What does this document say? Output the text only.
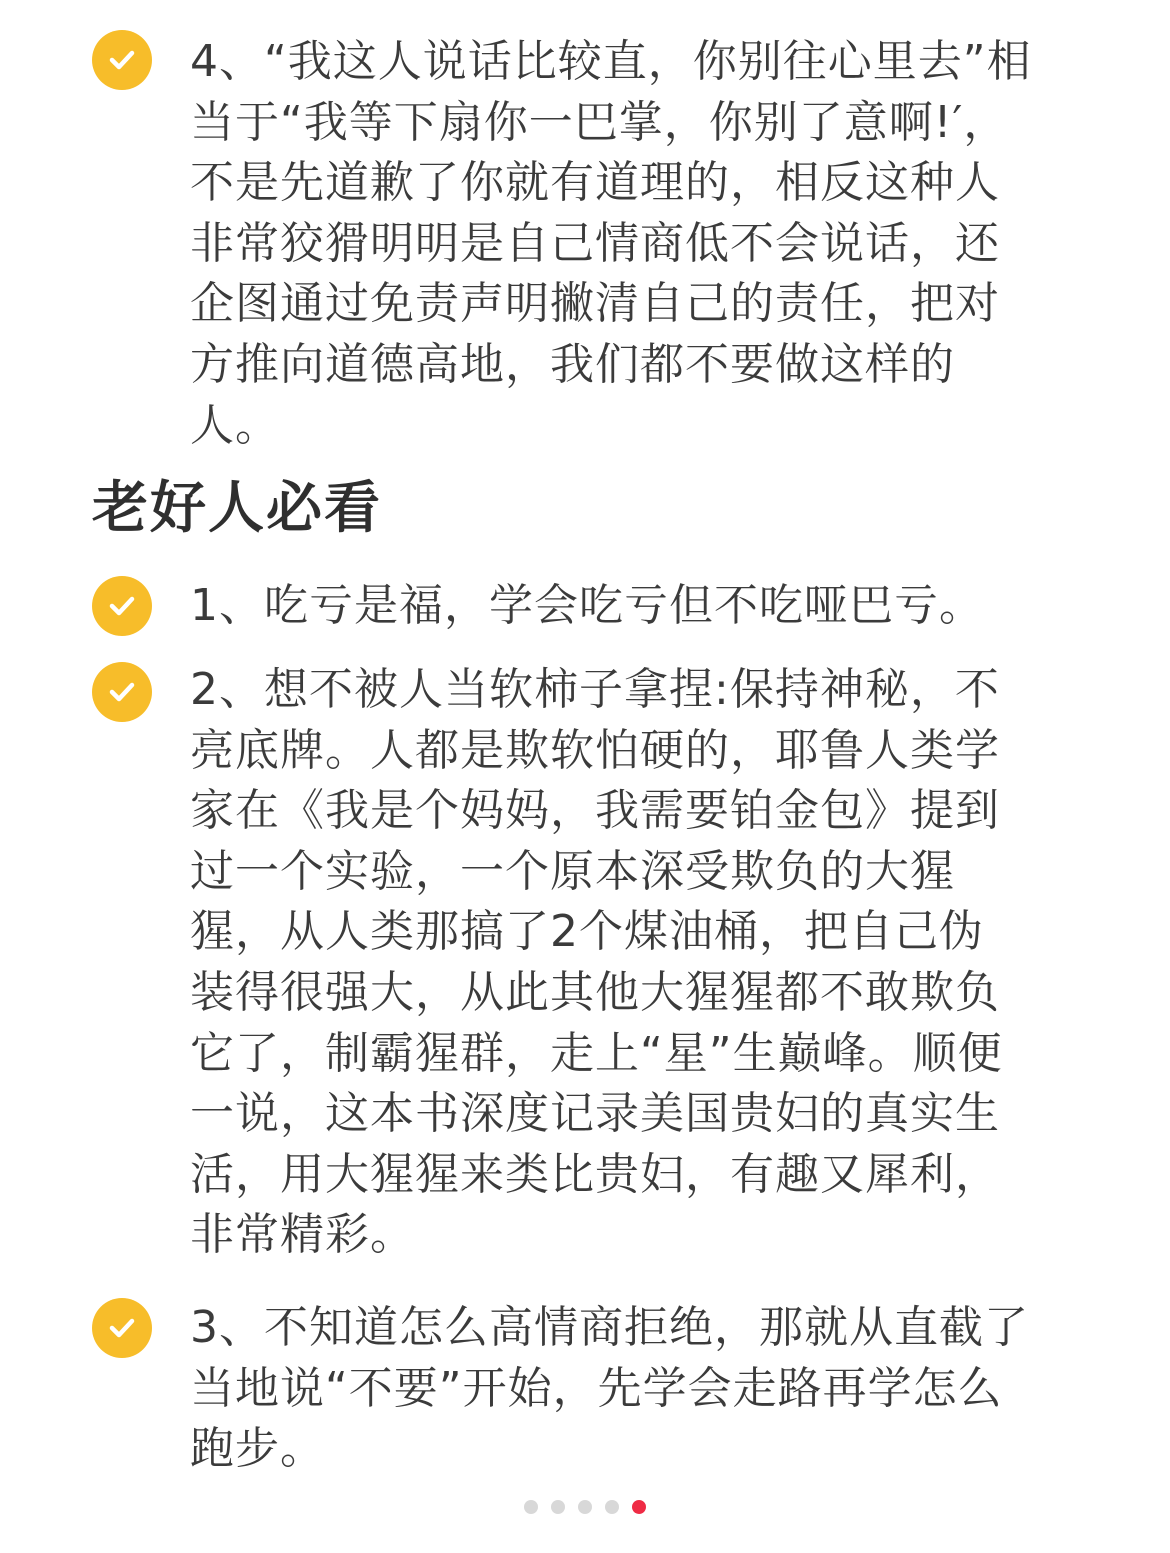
4、“我这人说话比较直，你别往心里去”相
当于“我等下扇你一巴掌，你别了意啊!′，
不是先道歉了你就有道理的，相反这种人
非常狡猾明明是自己情商低不会说话，还
企图通过免责声明撇清自己的责任，把对
方推向道德高地，我们都不要做这样的
人。
老好人必看
1、吃亏是福，学会吃亏但不吃哑巴亏。
2、想不被人当软柿子拿捏:保持神秘，不
亮底牌。人都是欺软怕硬的，耶鲁人类学
家在《我是个妈妈，我需要铂金包》提到
过一个实验，一个原本深受欺负的大猩
猩，从人类那搞了2个煤油桶，把自己伪
装得很强大，从此其他大猩猩都不敢欺负
它了，制霸猩群，走上“星”生巅峰。顺便
一说，这本书深度记录美国贵妇的真实生
活，用大猩猩来类比贵妇，有趣又犀利，
非常精彩。
3、不知道怎么高情商拒绝，那就从直截了
当地说“不要”开始，先学会走路再学怎么
跑步。
